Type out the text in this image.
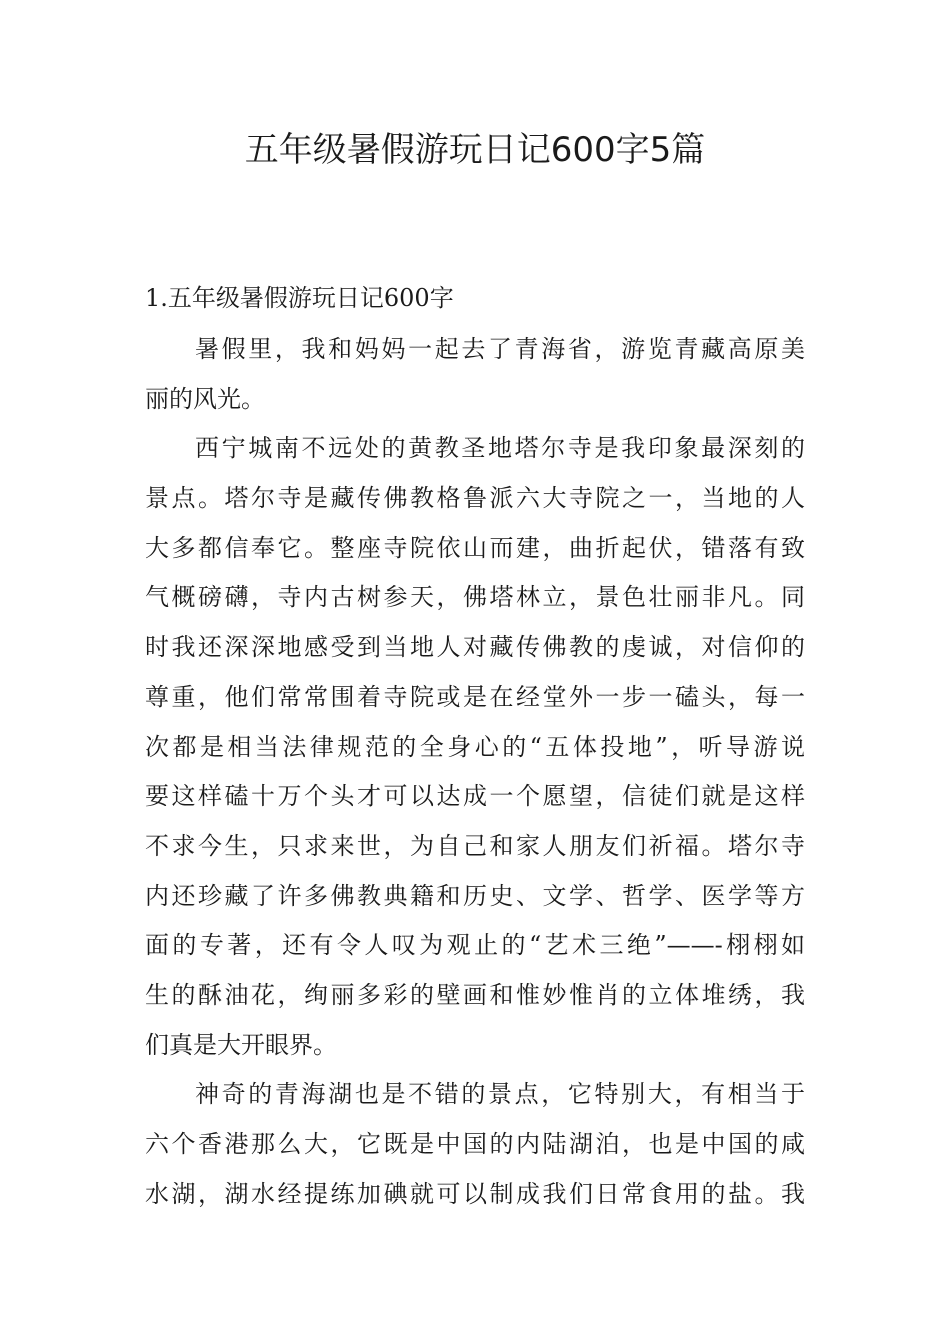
五年级暑假游玩日记600字5篇
1.五年级暑假游玩日记600字
暑假里，我和妈妈一起去了青海省，游览青藏高原美
丽的风光。
西宁城南不远处的黄教圣地塔尔寺是我印象最深刻的
景点。塔尔寺是藏传佛教格鲁派六大寺院之一，当地的人
大多都信奉它。整座寺院依山而建，曲折起伏，错落有致
气概磅礴，寺内古树参天，佛塔林立，景色壮丽非凡。同
时我还深深地感受到当地人对藏传佛教的虔诚，对信仰的
尊重，他们常常围着寺院或是在经堂外一步一磕头，每一
次都是相当法律规范的全身心的“五体投地”，听导游说
要这样磕十万个头才可以达成一个愿望，信徒们就是这样
不求今生，只求来世，为自己和家人朋友们祈福。塔尔寺
内还珍藏了许多佛教典籍和历史、文学、哲学、医学等方
面的专著，还有令人叹为观止的“艺术三绝”——-栩栩如
生的酥油花，绚丽多彩的壁画和惟妙惟肖的立体堆绣，我
们真是大开眼界。
神奇的青海湖也是不错的景点，它特别大，有相当于
六个香港那么大，它既是中国的内陆湖泊，也是中国的咸
水湖，湖水经提练加碘就可以制成我们日常食用的盐。我
